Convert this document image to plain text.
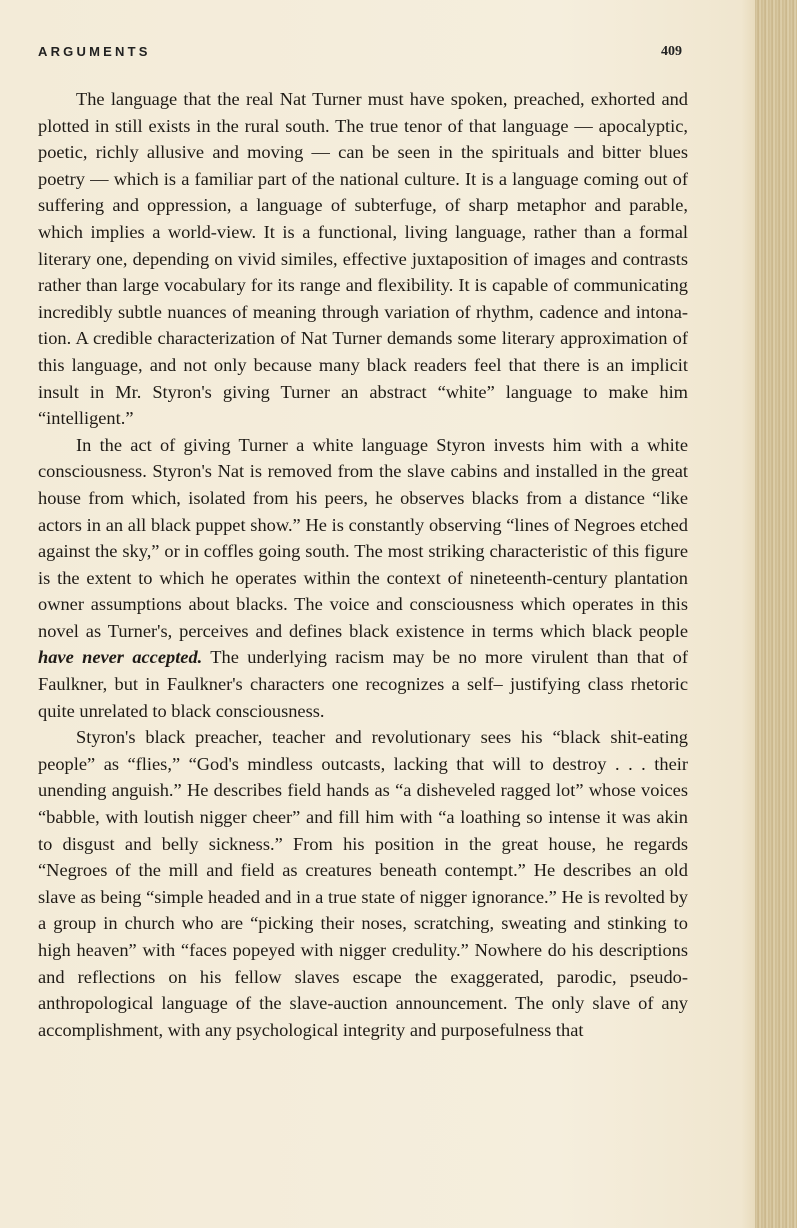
ARGUMENTS	409

The language that the real Nat Turner must have spoken, preached, exhorted and plotted in still exists in the rural south. The true tenor of that language — apocalyptic, poetic, richly allusive and moving — can be seen in the spirituals and bitter blues poetry — which is a familiar part of the national culture. It is a language coming out of suffering and oppression, a language of subterfuge, of sharp metaphor and parable, which implies a world-view. It is a functional, living language, rather than a formal literary one, depending on vivid similes, effective juxtaposition of images and contrasts rather than large vocabulary for its range and flexibility. It is capable of communicating incredibly subtle nuances of meaning through variation of rhythm, cadence and intonation. A credible characterization of Nat Turner demands some literary approximation of this language, and not only because many black readers feel that there is an implicit insult in Mr. Styron's giving Turner an abstract “white” language to make him “intelligent.”

In the act of giving Turner a white language Styron invests him with a white consciousness. Styron's Nat is removed from the slave cabins and installed in the great house from which, isolated from his peers, he observes blacks from a distance “like actors in an all black puppet show.” He is constantly observing “lines of Negroes etched against the sky,” or in coffles going south. The most striking characteristic of this figure is the extent to which he operates within the context of nineteenth-century plantation owner assumptions about blacks. The voice and consciousness which operates in this novel as Turner's, perceives and defines black existence in terms which black people have never accepted. The underlying racism may be no more virulent than that of Faulkner, but in Faulkner's characters one recognizes a self– justifying class rhetoric quite unrelated to black consciousness.

Styron's black preacher, teacher and revolutionary sees his “black shit-eating people” as “flies,” “God's mindless outcasts, lacking that will to destroy . . . their unending anguish.” He describes field hands as “a disheveled ragged lot” whose voices “babble, with loutish nigger cheer” and fill him with “a loathing so intense it was akin to disgust and belly sickness.” From his position in the great house, he regards “Negroes of the mill and field as creatures beneath contempt.” He describes an old slave as being “simple headed and in a true state of nigger ignorance.” He is revolted by a group in church who are “picking their noses, scratching, sweating and stinking to high heaven” with “faces popeyed with nigger credulity.” Nowhere do his descriptions and reflections on his fellow slaves escape the exaggerated, parodic, pseudo-anthropological language of the slave-auction announcement. The only slave of any accomplishment, with any psychological integrity and purposefulness that
